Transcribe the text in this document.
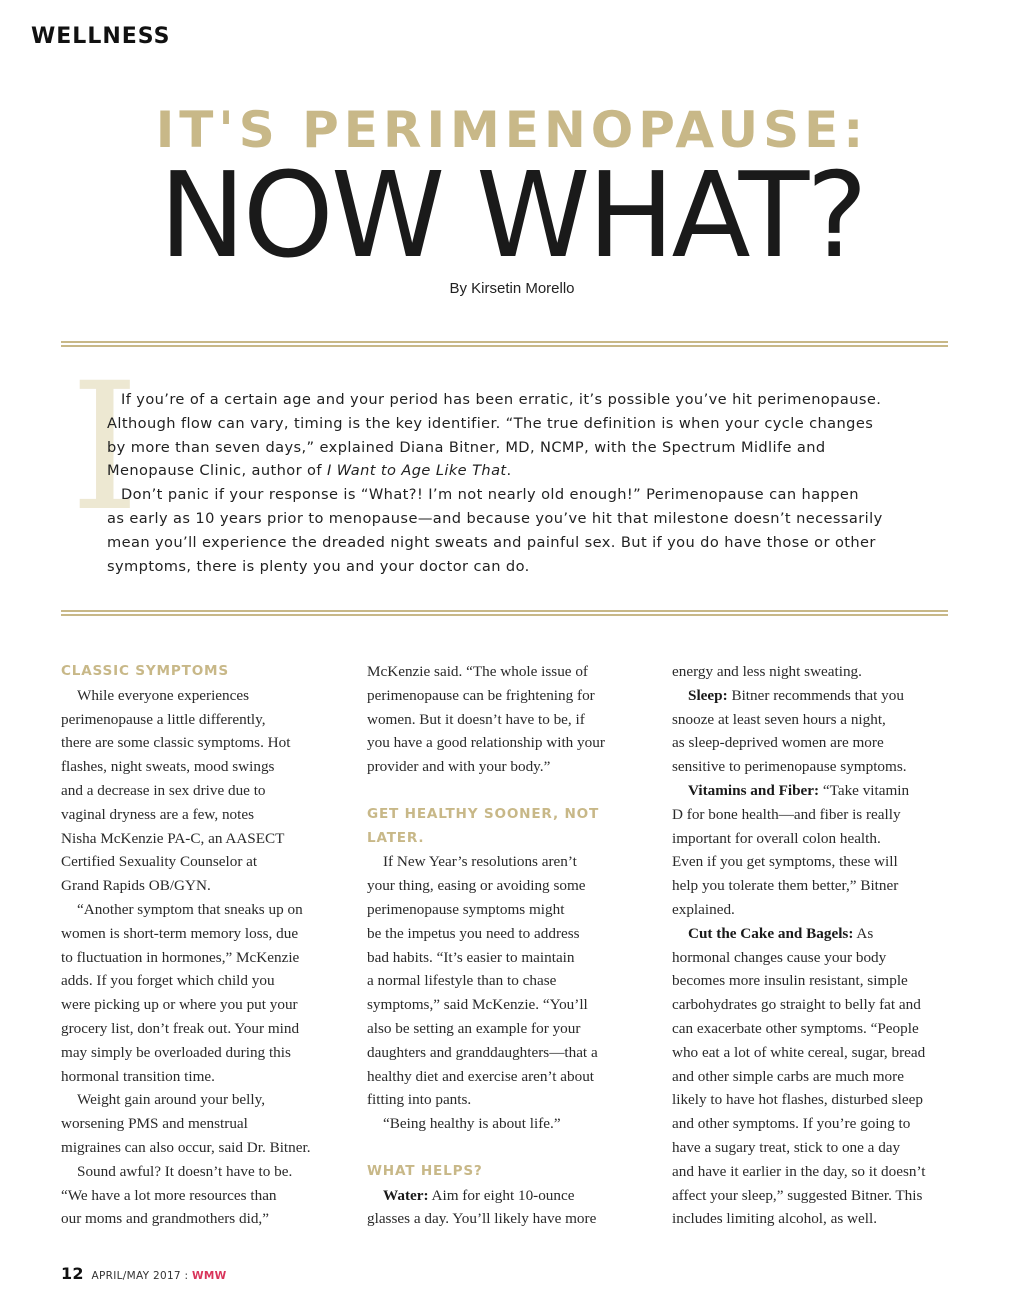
WELLNESS
IT'S PERIMENOPAUSE:
NOW WHAT?
By Kirsetin Morello
I

If you’re of a certain age and your period has been erratic, it’s possible you’ve hit perimenopause.

Although flow can vary, timing is the key identifier. “The true definition is when your cycle changes

by more than seven days,” explained Diana Bitner, MD, NCMP, with the Spectrum Midlife and

Menopause Clinic, author of I Want to Age Like That.

Don’t panic if your response is “What?! I’m not nearly old enough!” Perimenopause can happen

as early as 10 years prior to menopause—and because you’ve hit that milestone doesn’t necessarily

mean you’ll experience the dreaded night sweats and painful sex. But if you do have those or other

symptoms, there is plenty you and your doctor can do.

CLASSIC SYMPTOMS

While everyone experiences

perimenopause a little differently,

there are some classic symptoms. Hot

flashes, night sweats, mood swings

and a decrease in sex drive due to

vaginal dryness are a few, notes

Nisha McKenzie PA-C, an AASECT

Certified Sexuality Counselor at

Grand Rapids OB/GYN.

“Another symptom that sneaks up on

women is short-term memory loss, due

to fluctuation in hormones,” McKenzie

adds. If you forget which child you

were picking up or where you put your

grocery list, don’t freak out. Your mind

may simply be overloaded during this

hormonal transition time.

Weight gain around your belly,

worsening PMS and menstrual

migraines can also occur, said Dr. Bitner.

Sound awful? It doesn’t have to be.

“We have a lot more resources than

our moms and grandmothers did,”

McKenzie said. “The whole issue of

perimenopause can be frightening for

women. But it doesn’t have to be, if

you have a good relationship with your

provider and with your body.”

GET HEALTHY SOONER, NOT

LATER.

If New Year’s resolutions aren’t

your thing, easing or avoiding some

perimenopause symptoms might

be the impetus you need to address

bad habits. “It’s easier to maintain

a normal lifestyle than to chase

symptoms,” said McKenzie. “You’ll

also be setting an example for your

daughters and granddaughters—that a

healthy diet and exercise aren’t about

fitting into pants.

“Being healthy is about life.”

WHAT HELPS?

Water: Aim for eight 10-ounce

glasses a day. You’ll likely have more

energy and less night sweating.

Sleep: Bitner recommends that you

snooze at least seven hours a night,

as sleep-deprived women are more

sensitive to perimenopause symptoms.

Vitamins and Fiber: “Take vitamin

D for bone health—and fiber is really

important for overall colon health.

Even if you get symptoms, these will

help you tolerate them better,” Bitner

explained.

Cut the Cake and Bagels: As

hormonal changes cause your body

becomes more insulin resistant, simple

carbohydrates go straight to belly fat and

can exacerbate other symptoms. “People

who eat a lot of white cereal, sugar, bread

and other simple carbs are much more

likely to have hot flashes, disturbed sleep

and other symptoms. If you’re going to

have a sugary treat, stick to one a day

and have it earlier in the day, so it doesn’t

affect your sleep,” suggested Bitner. This

includes limiting alcohol, as well.

12 APRIL/MAY 2017 : WMW
